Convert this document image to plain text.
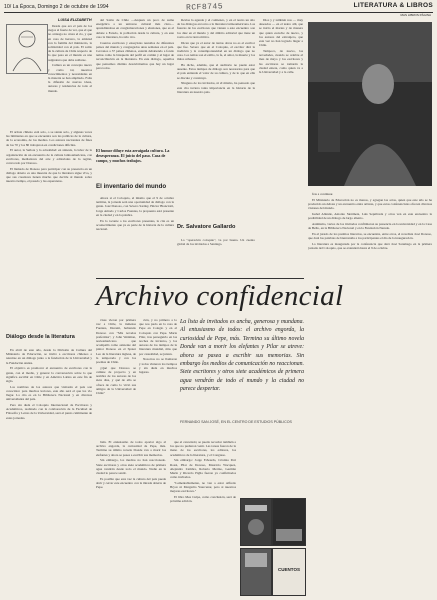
10/ La Época, Domingo 2 de octubre de 1994	LITERATURA & LIBROS
RCF8745
MAS LIBROS PÁGINA
LUISA ELIZABETH

Desde que era el país de los riegos al fuerte de ver, que el que no arriesga no cruza el río, y que en casa de herrero, la amistad con la familia del ministerio, la solidaridad con el país. El saldo de la cultura de Chile respecto de lo que pasa en el mundo es una asignatura que debe saldarse.

Cultura es un concepto nuevo y como tal, nuestros conocimientos y necesidades en la materia se han ampliado. Falta la difusión de nuevas ideas, autores y tendencias de todo el mundo.

El artista chileno está solo, o se siente solo, y algunas veces las limitantes en que se encuentra son las políticas de la cultura, de la economía, de los medios. Los autores nacionales de fines de los 70 y los 80 trabajaron en condiciones difíciles.

El autor, la Señora y la actualidad: en síntesis, la labor de la organización de un encuentro de la cultura latinoamericana, con escritores, mediadores del arte y editoriales de la región, convocado por Donoso.

El llamado de Donoso para participar con su presencia en un diálogo abierto es una muestra de que la literatura sigue viva, y que sus creadores tienen mucho que decirle al mundo sobre nuestro tiempo, el pasado y las esperanzas.

Diálogo desde la literatura

En abril de este año, desde la División de Cultura del Ministerio de Educación, se invitó a escritores chilenos a reunirse en un diálogo junto a la fundación de la Universidad y la Fundación Andes.

El objetivo es promover el encuentro de escritores con la gente, con el medio, y generar la conversación sobre lo que significa escribir en Chile y en América Latina en este fin de siglo.

Los nombres de los autores que visitarán el país son conocidos: para muchos lectores, este año será el que los vio llegar. La cita es en la Biblioteca Nacional y en diversas universidades del país.

Pero sin duda el Coloquio Internacional de Escritores y Académicos, realizado con la colaboración de la Facultad de Filosofía y Letras de la Universidad, será el punto culminante de estas jornadas.

del Salón de Chile —después un poco de suma energética a un universo cultural más claro— aprendiéndose en conglomeraciones y elusiones, que es el debate a Estado, la población desde la cultura, y en este caso la literatura, ha sido rica.

Cuentos escritores y ensayistas reunidos de diferentes países del mundo y congregados unas semanas en el país. Cercanos a 37 países chilenos, estarán debatiendo a fondo temas como la búsqueda del perfil en común y el lugar de reconciliación en la literatura. En este diálogo, aquellos que pensamos distinto descubriremos que hay un lugar para todos.

El humor diluye esta arraigada cultura. La desesperanza. El juicio del paso. Casa de campo, y muchos trabajos.
El inventario del mundo

Ahora si el Coloquio, el mismo que el 9 de octubre termina, la jornada será una oportunidad de diálogo con la gente. José Donoso, con Severo Sarduy, Héctor Bianciotti, Jorge Amado y Carlos Fuentes, la propuesta está presente en la ciudad y en la palabra.

En lo tocante a los escritores presentes, la cita es un acontecimiento que ya es parte de la historia de la cultura nacional.

Revisa la agenda y el comienzo, y en el teatro un alto de los diálogos en torno a la literatura latinoamericana. Las fuerzas de los escritores que vienen a este encuentro son los diez en el mundo y del ámbito editorial que tiene un rostro en la tierra mítica.

Dicen que ya el autor de tantas obras no es el escritor que fue. Severo que en el Coloquio, el escritor dirá la tradición y la contemporaneidad en un diálogo que no cesa. Los temas son el exilio, la fe, el amor, la muerte y los mitos urbanos.

Ha dicho, además, que el auditorio no puede estar ausente. Estos tiempos de diálogo son necesarios para que el país entienda el valor de su cultura, y de lo que en ella se discute y construye.

Ninguno de los invitados, ni él mismo, ha pensado que esta cita tuviera tanta importancia en la historia de la literatura en nuestro país.

Dr. Salvatore Gallardo

La "operación coloquio", va por buena. Un cuento global de los invitados a Santiago.

Dios y y también nos — muy deseados — en el teatro allí, que se inicia el martes y de manera que quien escuche de nuevo, y los autores del extranjero, que esta vez no han logrado llegar a Chile.

Tampoco, de nuevo, las novedades, cuando se celebre el mes de mayo y los escritores y las escritoras se tomarán la ciudad entera, como quien va a la Universidad y a la calle.

fras a continuar.

El Ministerio de Educación no es menos, y agregan las actas, quien que este año se ha producido un debate y un encuentro entre artistas, y que estos conferencistas ofrecen diversas visiones del mundo.

Isabel Allende, Antonio Skármeta, Luis Sepúlveda y otros ven en este encuentro la posibilidad de un diálogo de largo aliento.

Asimismo, varios de los invitados confirmaron su presencia en la universidad y en la Casa de Bello, en la Biblioteca Nacional y en la Fundación Neruda.

En el jurado de los premios literarios, se encuentra, entre otros, el novelista José Donoso, que dará las palabras de bienvenida a los participantes el día de la inauguración.

La literatura es inaugurada por la conferencia que dará José Saramago en la primera jornada del Coloquio, que se extenderá hasta el 9 de octubre.

Archivo confidencial
La lista de invitados es ancha, generosa y mundana. Al entusiasmo de todos: el archivo engorda, la curiosidad de Pepe, más. Termina su último novela Donde van a morir los elefantes y Pilar se atreve: ahora se pasea a escribir sus memorias. Sin embargo los medios de comunicación no reaccionan. Siete escritores y otros siete académicos de primera agua vendrán de todo el mundo y la ciudad no parece despertar.

visas vieron por primera vez a Chile, la inmensa Fuentes, Duranti, habiendo Donoso con "Mis novelas preferidas", y John Weitman, norteamericano que acompañó como asistente del pintor Donoso en el Spaier Leo de la literatura inglesa, de la temporada y con los poemas de Chile.

¿Qué que Donoso se camine de proyecto y en nombre de los autores de los siete días, y qué de ella se ofrece de como lo vivió sus amigos de la Universidad de Chile?

ción, y no primero a lo que nos pudo en la casa de Pepe en Colegio y en el Coloquio con Pepe. María Pilar, tras perseguirlo en las noches de invierno, y los autores de los tiempos de la literatura mundial, más que por casualidad, se juntan.

Nosotros no se llamaron y todos vinieron los tiempos y sin duda en muchos lugares.

FERNANDO SAN JOSÉ, EN EL CENTRO DE ESTUDIOS PÚBLICOS

bién. El entusiasmo de todos aportar algo al archivo engorda, la curiosidad de Pepe, más. Termina su último novela Donde van a morir los elefantes y ahora se pasea a escribir sus memorias.

Sin embargo, los medios no han reaccionado. Siete escritores y otros siete académicos de primera agua vendrán desde todo el mundo. Nadie en la ciudad lo parece sentir.

Es posible que esta vez la cultura del país pueda abrir y cerrar este encuentro con la mirada abierta de Pepe.

que el cancelado; se pueda recordar también a los que no pudieron venir. Las tareas fueron de la mano de los escritores, los editores, los académicos de la literatura, y el Congreso.

Sin embargo: Jorge Edwards, Cristina Peri Rossi, Pilar de Donoso, Mauricio Wacquez, Alejandro Zambra, Roberto Merino, Germán Marín y Ricardo Piglia fueron ya confirmados como invitados.

"Lamentablemente, no van a estar Alfredo Bryce ni Margarita Yourcenar, pero sí nuestros mejores escritores."

El libro Mea Culpa, como conclusión, será de próxima edición.

CUENTOS
